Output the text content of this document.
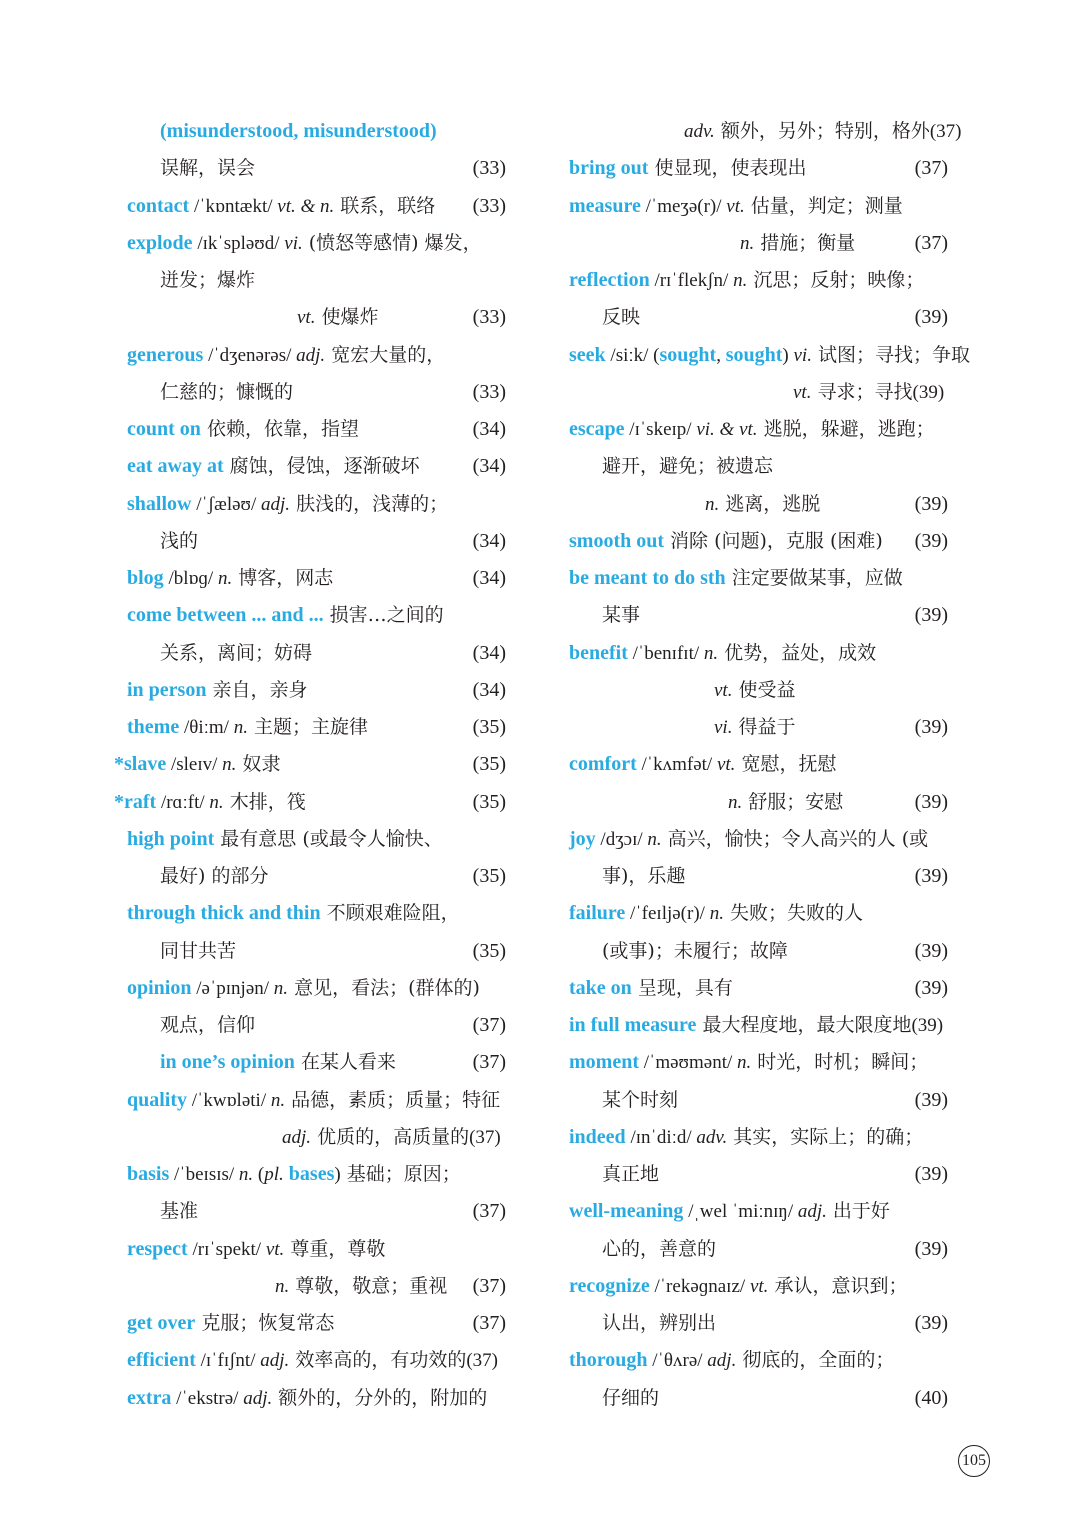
(misunderstood, misunderstood)
误解，误会	(33)
contact /ˈkɒntækt/ vt. & n. 联系，联络 (33)
explode /ɪkˈspləʊd/ vi. (愤怒等感情) 爆发，
迸发；爆炸
vt. 使爆炸	(33)
generous /ˈdʒenərəs/ adj. 宽宏大量的，
仁慈的；慷慨的	(33)
count on 依赖，依靠，指望	(34)
eat away at 腐蚀，侵蚀，逐渐破坏	(34)
shallow /ˈʃæləʊ/ adj. 肤浅的，浅薄的；
浅的	(34)
blog /blɒɡ/ n. 博客，网志	(34)
come between ... and ... 损害…之间的
关系，离间；妨碍	(34)
in person 亲自，亲身	(34)
theme /θiːm/ n. 主题；主旋律	(35)
*slave /sleɪv/ n. 奴隶	(35)
*raft /rɑːft/ n. 木排，筏	(35)
high point 最有意思 (或最令人愉快、
最好) 的部分	(35)
through thick and thin 不顾艰难险阻，
同甘共苦	(35)
opinion /əˈpɪnjən/ n. 意见，看法；(群体的)
观点，信仰	(37)
in one’s opinion 在某人看来	(37)
quality /ˈkwɒləti/ n. 品德，素质；质量；特征
adj. 优质的，高质量的(37)
basis /ˈbeɪsɪs/ n. (pl. bases) 基础；原因；
基准	(37)
respect /rɪˈspekt/ vt. 尊重，尊敬
n. 尊敬，敬意；重视 (37)
get over 克服；恢复常态	(37)
efficient /ɪˈfɪʃnt/ adj. 效率高的，有功效的(37)
extra /ˈekstrə/ adj. 额外的，分外的，附加的
adv. 额外，另外；特别，格外(37)
bring out 使显现，使表现出	(37)
measure /ˈmeʒə(r)/ vt. 估量，判定；测量
n. 措施；衡量	(37)
reflection /rɪˈflekʃn/ n. 沉思；反射；映像；
反映	(39)
seek /siːk/ (sought, sought) vi. 试图；寻找；争取
vt. 寻求；寻找(39)
escape /ɪˈskeɪp/ vi. & vt. 逃脱，躲避，逃跑；
避开，避免；被遗忘
n. 逃离，逃脱	(39)
smooth out 消除 (问题)，克服 (困难) (39)
be meant to do sth 注定要做某事，应做
某事	(39)
benefit /ˈbenɪfɪt/ n. 优势，益处，成效
vt. 使受益
vi. 得益于	(39)
comfort /ˈkʌmfət/ vt. 宽慰，抚慰
n. 舒服；安慰	(39)
joy /dʒɔɪ/ n. 高兴，愉快；令人高兴的人 (或
事)，乐趣	(39)
failure /ˈfeɪljə(r)/ n. 失败；失败的人
(或事)；未履行；故障	(39)
take on 呈现，具有	(39)
in full measure 最大程度地，最大限度地(39)
moment /ˈməʊmənt/ n. 时光，时机；瞬间；
某个时刻	(39)
indeed /ɪnˈdiːd/ adv. 其实，实际上；的确；
真正地	(39)
well-meaning /ˌwel ˈmiːnɪŋ/ adj. 出于好
心的，善意的	(39)
recognize /ˈrekəɡnaɪz/ vt. 承认，意识到；
认出，辨别出	(39)
thorough /ˈθʌrə/ adj. 彻底的，全面的；
仔细的	(40)
105
